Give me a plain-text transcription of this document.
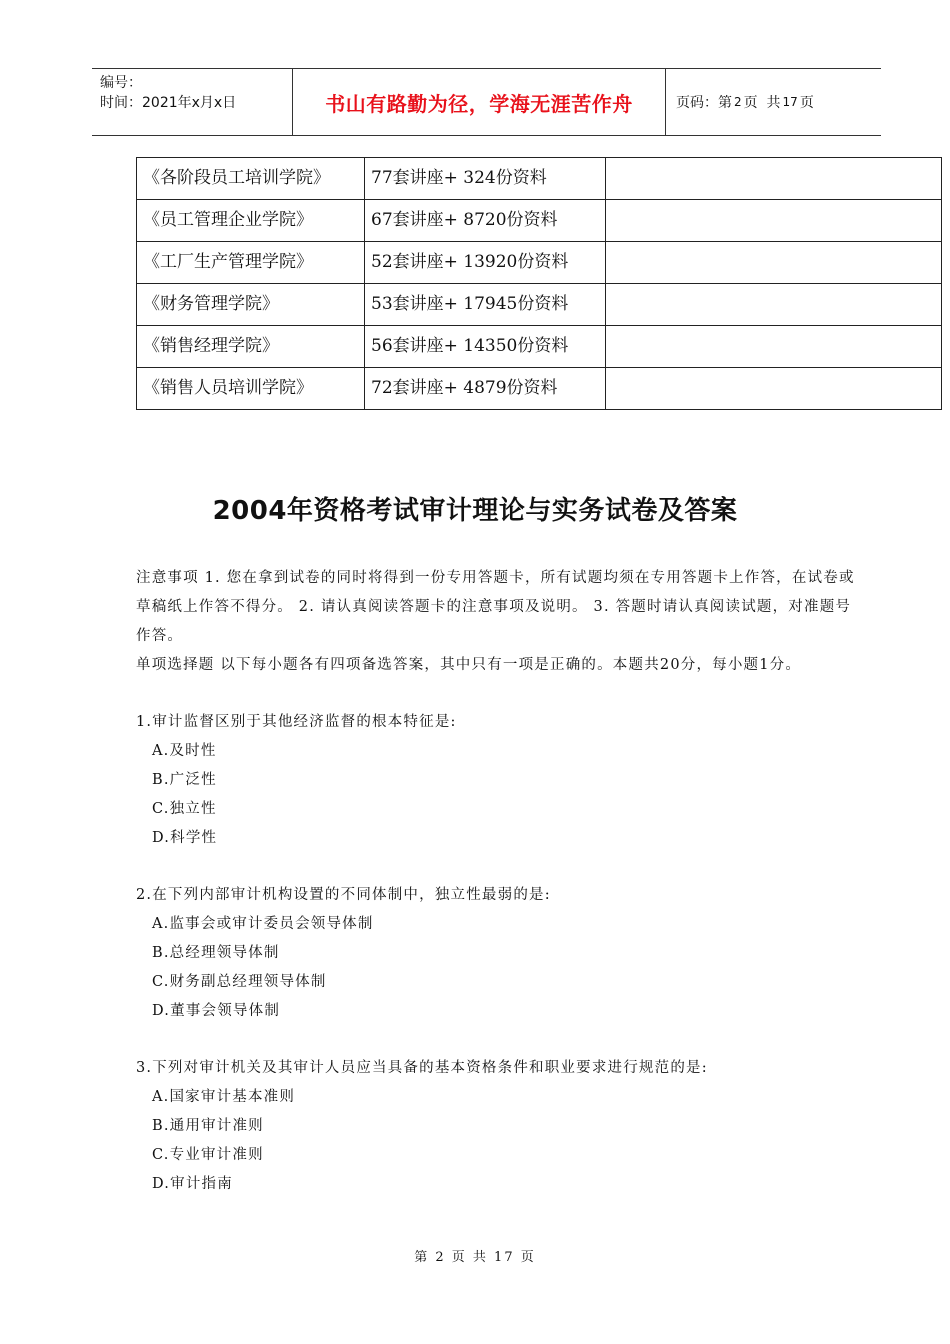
编号：
时间：2021年x月x日	书山有路勤为径，学海无涯苦作舟	页码：第 2 页  共 17 页
《各阶段员工培训学院》	77套讲座+ 324份资料	
《员工管理企业学院》	67套讲座+ 8720份资料	
《工厂生产管理学院》	52套讲座+ 13920份资料	
《财务管理学院》	53套讲座+ 17945份资料	
《销售经理学院》	56套讲座+ 14350份资料	
《销售人员培训学院》	72套讲座+ 4879份资料	
2004年资格考试审计理论与实务试卷及答案
注意事项 1. 您在拿到试卷的同时将得到一份专用答题卡，所有试题均须在专用答题卡上作答，在试卷或草稿纸上作答不得分。 2. 请认真阅读答题卡的注意事项及说明。 3. 答题时请认真阅读试题，对准题号作答。
单项选择题 以下每小题各有四项备选答案，其中只有一项是正确的。本题共20分，每小题1分。
1.审计监督区别于其他经济监督的根本特征是:
A.及时性
B.广泛性
C.独立性
D.科学性
2.在下列内部审计机构设置的不同体制中，独立性最弱的是:
A.监事会或审计委员会领导体制
B.总经理领导体制
C.财务副总经理领导体制
D.董事会领导体制
3.下列对审计机关及其审计人员应当具备的基本资格条件和职业要求进行规范的是:
A.国家审计基本准则
B.通用审计准则
C.专业审计准则
D.审计指南
第 2 页 共 17 页
